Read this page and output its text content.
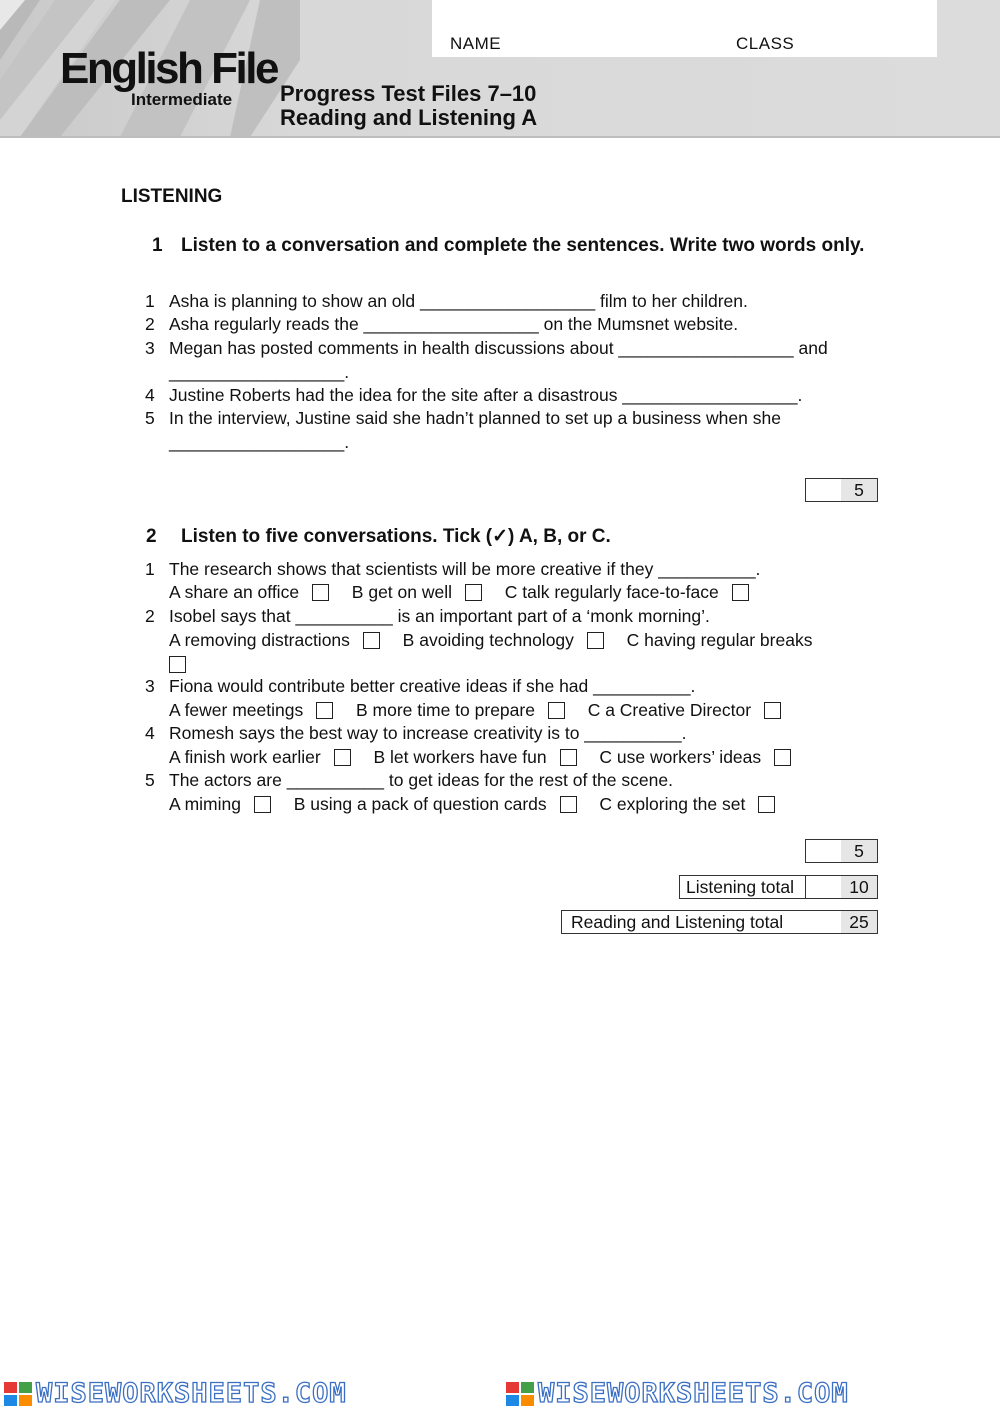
NAME	CLASS
English File
Intermediate Progress Test Files 7–10
Reading and Listening A
LISTENING
1 Listen to a conversation and complete the sentences. Write two words only.
1 Asha is planning to show an old __________________ film to her children.
2 Asha regularly reads the __________________ on the Mumsnet website.
3 Megan has posted comments in health discussions about __________________ and
__________________.
4 Justine Roberts had the idea for the site after a disastrous __________________.
5 In the interview, Justine said she hadn’t planned to set up a business when she
__________________.
5
2 Listen to five conversations. Tick (✓) A, B, or C.
1 The research shows that scientists will be more creative if they __________.
A share an office	B get on well	C talk regularly face-to-face
2 Isobel says that __________ is an important part of a ‘monk morning’.
A removing distractions	B avoiding technology	C having regular breaks
3 Fiona would contribute better creative ideas if she had __________.
A fewer meetings	B more time to prepare	C a Creative Director
4 Romesh says the best way to increase creativity is to __________.
A finish work earlier	B let workers have fun	C use workers’ ideas
5 The actors are __________ to get ideas for the rest of the scene.
A miming	B using a pack of question cards	C exploring the set
5
Listening total	10
Reading and Listening total	25
WISEWORKSHEETS.COM	WISEWORKSHEETS.COM
